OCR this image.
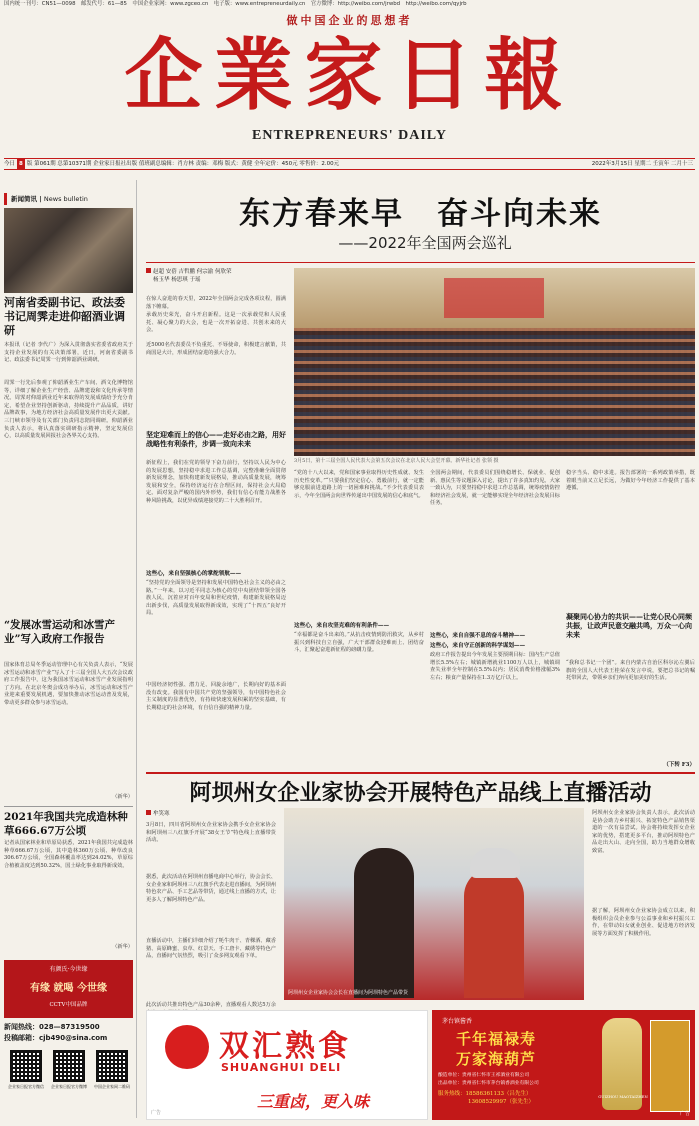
国内统一刊号：CN51—0098　邮发代号：61—85　中国企业家网：www.zgceo.cn　电子版：www.entrepreneurdaily.cn　官方微博：http://weibo.com/jrwbd　http://weibo.com/qyjrb
做中国企业的思想者
企業家日報
ENTREPRENEURS' DAILY
今日 8 版 第061期 总第10371期 企业家日报社出版 值班副总编辑：肖方林 责编：邓梅 版式：黄健 全年定价：450元 零售价：2.00元	2022年3月15日 星期二 壬寅年 二月十三
新闻简讯 | News bulletin
河南省委副书记、政法委书记周霁走进仰韶酒业调研
本报讯（记者 李代广）为深入贯彻落实省委省政府关于支持企业发展的有关决策部署，近日，河南省委副书记、政法委书记周霁一行到仰韶酒业调研。
周霁一行先后参观了仰韶酒业生产车间、酒文化博物馆等，详细了解企业生产经营、品牌建设和文化传承等情况。周霁对仰韶酒业近年来取得的发展成绩给予充分肯定，希望企业坚持创新驱动，持续提升产品品质，讲好品牌故事，为地方经济社会高质量发展作出更大贡献。三门峡市领导及有关部门负责同志陪同调研。仰韶酒业负责人表示，将认真落实调研指示精神，坚定发展信心，以高质量发展回报社会各界关心支持。
“发展冰雪运动和冰雪产业”写入政府工作报告
国家体育总局冬季运动管理中心有关负责人表示，“发展冰雪运动和冰雪产业”写入了十三届全国人大五次会议政府工作报告中，这为我国冰雪运动和冰雪产业发展指明了方向。在北京冬奥会成功举办后，冰雪运动和冰雪产业迎来重要发展机遇，要加快推动冰雪运动普及发展，带动更多群众参与冰雪运动。
（新华）
2021年我国共完成造林种草666.67万公顷
记者从国家林业和草原局获悉，2021年我国共完成造林种草666.67万公顷，其中造林360万公顷、种草改良306.67万公顷，全国森林覆盖率达到24.02%，草原综合植被盖度达到50.32%，国土绿化事业取得新成效。
（新华）
有颜氏·今世缘
有缘 就喝 今世缘
CCTV中国品牌
新闻热线：028—87319500
投稿邮箱：cjb490@sina.com
企业家日报官方微信 企业家日报官方微博 中国企业家网二维码
东方春来早　奋斗向未来
——2022年全国两会巡礼
赵超 安蓓 吉哲鹏 何宗渝 何欣荣
杨玉华 杨思琪 于瑶
在惊人奋进的春天里，2022年全国两会完成各项议程，圆满落下帷幕。
承载历史荣光，奋斗开启新程。这是一次承载党和人民重托、凝心聚力的大会，也是一次开拓奋进、共创未来的大会。
近5000名代表委员不负重托、不辱使命，积极建言献策，共商国是大计，形成团结奋进的强大合力。
坚定迎难而上的信心——走好必由之路，用好战略性有利条件，步调一致向未来
新征程上，我们在党的领导下奋力前行，坚持以人民为中心的发展思想，坚持稳中求进工作总基调，完整准确全面贯彻新发展理念，加快构建新发展格局，推动高质量发展，统筹发展和安全，保持经济运行在合理区间，保持社会大局稳定。面对复杂严峻的国内外形势，我们有信心有能力战胜各种风险挑战，以优异成绩迎接党的二十大胜利召开。
这些心，来自坚强核心的掌舵领航——
“坚持党的全面领导是坚持和发展中国特色社会主义的必由之路。”一年来，以习近平同志为核心的党中央团结带领全国各族人民，沉着应对百年变局和世纪疫情，构建新发展格局迈出新步伐，高质量发展取得新成效，实现了“十四五”良好开局。
中国经济韧性强、潜力足、回旋余地广，长期向好的基本面没有改变。我国有中国共产党的坚强领导，有中国特色社会主义制度的显著优势，有持续快速发展积累的坚实基础，有长期稳定的社会环境，有自信自强的精神力量。
3月5日，第十三届全国人民代表大会第五次会议在北京人民大会堂开幕。新华社记者 张领 摄
“党的十八大以来，党和国家事业取得历史性成就、发生历史性变革。”“只要我们坚定信心、勇毅前行，就一定能够克服前进道路上的一切困难和挑战。”不少代表委员表示，今年全国两会向世界传递出中国发展的信心和底气。
这些心，来自攻坚克难的有利条件——
“幸福都是奋斗出来的。”从抗击疫情到防汛救灾，从乡村振兴到科技自立自强，广大干部群众迎难而上、团结奋斗，汇聚起奋进新征程的磅礴力量。
全国两会期间，代表委员们围绕稳增长、保就业、促创新、惠民生等议题深入讨论，提出了许多真知灼见。大家一致认为，只要坚持稳中求进工作总基调，统筹疫情防控和经济社会发展，就一定能够实现全年经济社会发展目标任务。
这些心，来自自强不息的奋斗精神——
这些心，来自守正创新的科学谋划——
政府工作报告提出今年发展主要预期目标：国内生产总值增长5.5%左右；城镇新增就业1100万人以上，城镇调查失业率全年控制在5.5%以内；居民消费价格涨幅3%左右；粮食产量保持在1.3万亿斤以上。
稳字当头、稳中求进。报告部署的一系列政策举措，既着眼当前又立足长远，为做好今年经济工作提供了基本遵循。
凝聚同心协力的共识——让党心民心同频共振，让政声民意交融共鸣，万众一心向未来
“我和总书记一个团”。来自内蒙古自治区科尔沁左翼后旗的全国人大代表王桂荣在发言中说，要把总书记的嘱托带回去，带领乡亲们奔向更加美好的生活。
（下转 F3）
阿坝州女企业家协会开展特色产品线上直播活动
牟笑寒
3月8日，四川省阿坝州女企业家协会携手女企业家协会和阿坝州三八红旗手开展“38女王节”特色线上直播带货活动。
据悉，此次活动在阿坝州直播电商中心举行，协会会长、女企业家和阿坝州三八红旗手代表走进直播间，为阿坝州特色农产品、手工艺品等带货，通过线上直播的方式，让更多人了解阿坝特色产品。
直播活动中，主播们详细介绍了牦牛肉干、青稞酒、藏香猪、高原蜂蜜、虫草、红景天、手工唐卡、藏绣等特色产品，直播间气氛热烈，吸引了众多网友观看下单。
阿坝州女企业家协会会长在直播间为阿坝特色产品带货
阿坝州女企业家协会负责人表示，此次活动是协会助力乡村振兴、拓宽特色产品销售渠道的一次有益尝试。协会将持续发挥女企业家的优势，搭建更多平台，推动阿坝特色产品走出大山、走向全国，助力当地群众增收致富。
据了解，阿坝州女企业家协会成立以来，积极组织会员企业参与公益事业和乡村振兴工作，在带动妇女就业创业、促进地方经济发展等方面发挥了积极作用。
此次活动共推出特色产品30余种，直播观看人数达5万余
双汇熟食
SHUANGHUI DELI
三重卤，更入味
广告
茅台镇酱香
千年福禄寿
万家海葫芦
酿造单位：贵州省仁怀市王祁酒业有限公司
出品单位：贵州省仁怀市茅台镇香酒业有限公司
服务热线：18586361133（吕先生）
13608529997（张先生）
GUIZHOU MAOTAIZHEN
广告
